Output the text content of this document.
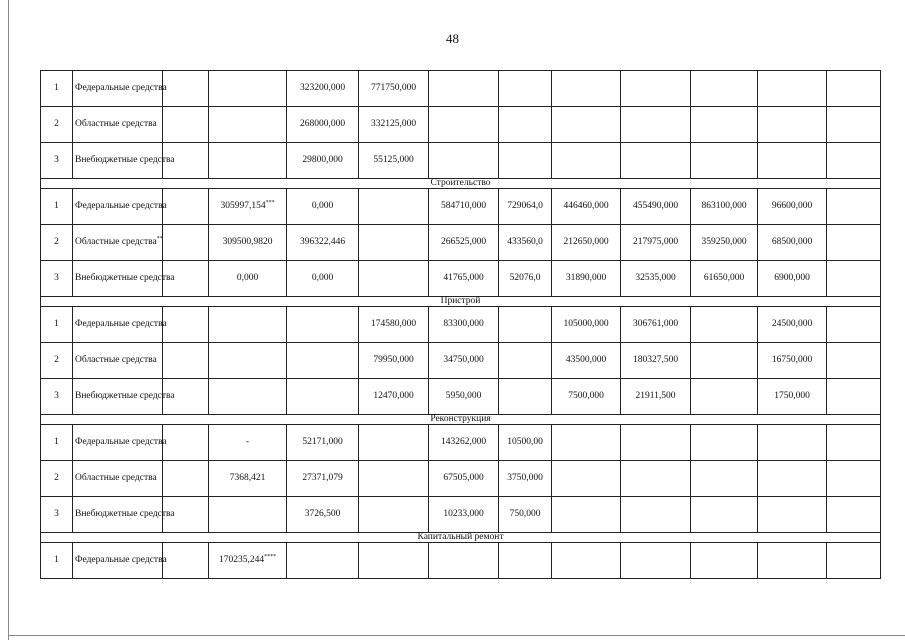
48
1	Федеральные средства			323200,000	771750,000							
2	Областные средства			268000,000	332125,000							
3	Внебюджетные средства			29800,000	55125,000							
Строительство												
1	Федеральные средства		305997,154***	0,000		584710,000	729064,0	446460,000	455490,000	863100,000	96600,000	
2	Областные средства**		309500,9820	396322,446		266525,000	433560,0	212650,000	217975,000	359250,000	68500,000	
3	Внебюджетные средства		0,000	0,000		41765,000	52076,0	31890,000	32535,000	61650,000	6900,000	
Пристрой												
1	Федеральные средства				174580,000	83300,000		105000,000	306761,000		24500,000	
2	Областные средства				79950,000	34750,000		43500,000	180327,500		16750,000	
3	Внебюджетные средства				12470,000	5950,000		7500,000	21911,500		1750,000	
Реконструкция												
1	Федеральные средства		-	52171,000		143262,000	10500,00					
2	Областные средства		7368,421	27371,079		67505,000	3750,000					
3	Внебюджетные средства			3726,500		10233,000	750,000					
Капитальный ремонт												
1	Федеральные средства		170235,244****									
